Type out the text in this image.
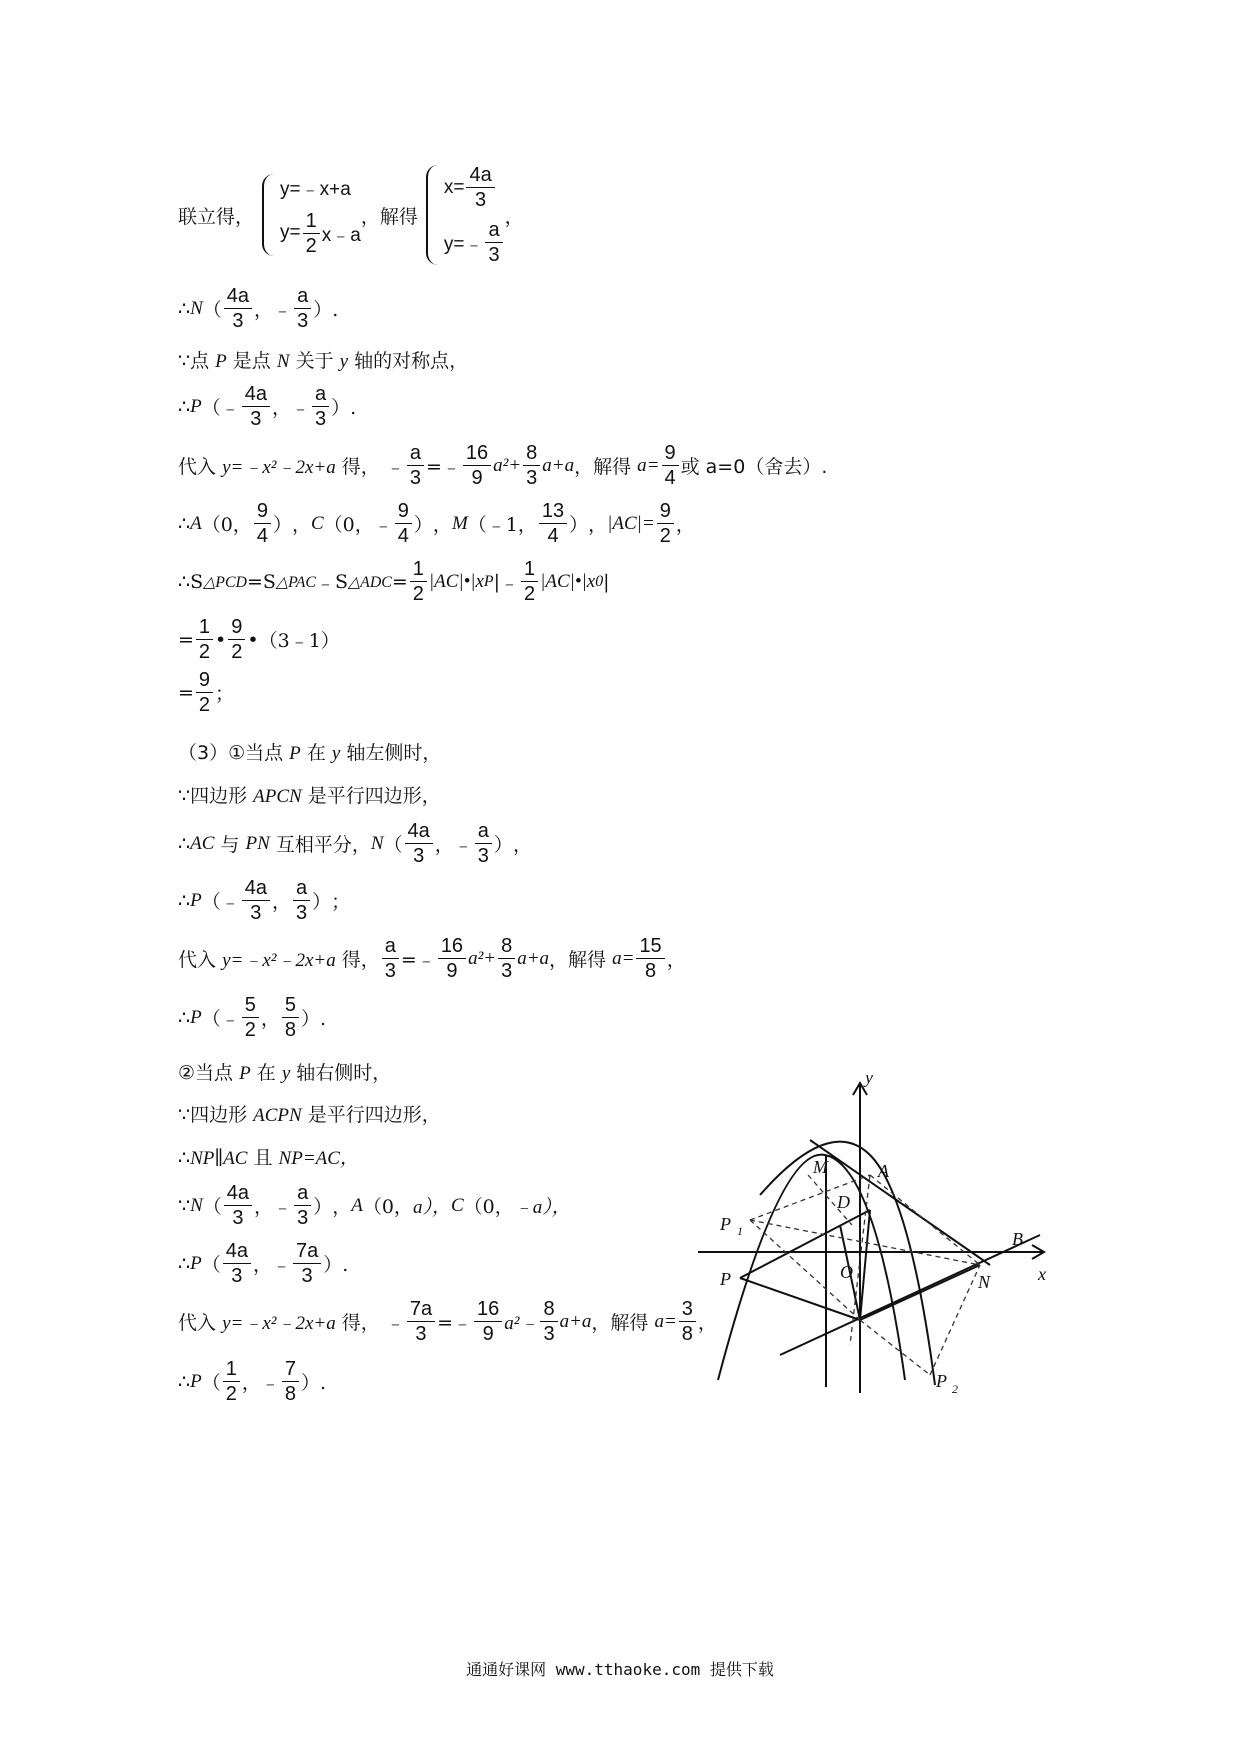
联立得，
y=﹣x+a
$y= \frac{1}{2}$ x﹣a
，解得
$x= \frac{4a}{3}$
y=﹣ $\frac{a}{3}$
，
∴ N （ $\frac{4a}{3}$ ，﹣ $\frac{a}{3}$ ）.
∵点 P 是点 N 关于 y 轴的对称点，
∴ P （ ﹣ $\frac{4a}{3}$ ，﹣ $\frac{a}{3}$ ）.
代入
y=﹣x²﹣2x+a
得，
﹣ $\frac{a}{3}$ =﹣ $\frac{16}{9} a^2+ \frac{8}{3} a+a$ ，解得
$a= \frac{9}{4}$ 或 a=0（舍去）.
∴ A （ 0， $\frac{9}{4}$ ） ， C （ 0， ﹣ $\frac{9}{4}$ ） ， M （ ﹣1， $\frac{13}{4}$ ） ， $|AC|= \frac{9}{2}$ ，
∴S △PCD = S △PAC ﹣ S △ADC = $\frac{1}{2}$ |AC|•|x P | ﹣ $\frac{1}{2}$ |AC|•|x 0 |
= $\frac{1}{2}$ • $\frac{9}{2}$ • （3﹣1）
= $\frac{9}{2}$ ；
（3）①当点 P 在 y 轴左侧时，
∵四边形 APCN 是平行四边形，
∴ AC
与
PN
互相平分， N （ $\frac{4a}{3}$ ，﹣ $\frac{a}{3}$ ） ，
∴ P （ ﹣ $\frac{4a}{3}$ ， $\frac{a}{3}$ ） ；
代入
y=﹣x²﹣2x+a
得， $\frac{a}{3}$ =﹣ $\frac{16}{9} a^2+ \frac{8}{3} a+a$ ，解得
$a= \frac{15}{8}$ ，
∴ P （ ﹣ $\frac{5}{2}$ ， $\frac{5}{8}$ ）.
②当点 P 在 y 轴右侧时，
∵四边形 ACPN 是平行四边形，
∴NP∥AC 且 NP=AC，
∵ N （ $\frac{4a}{3}$ ，﹣ $\frac{a}{3}$ ） ， A （ 0， a）， C （ 0， ﹣a），
∴ P （ $\frac{4a}{3}$ ，﹣ $\frac{7a}{3}$ ）.
代入
y=﹣x²﹣2x+a
得，
﹣ $\frac{7a}{3}$ =﹣ $\frac{16}{9}$ a²﹣ $\frac{8}{3} a+a$ ，解得
$a= \frac{3}{8}$ ，
∴ P （ $\frac{1}{2}$ ，﹣ $\frac{7}{8}$ ）.
y
x
M	A
D
P 1	B
O
P	N
P 2
通通好课网 www.tthaoke.com 提供下载
